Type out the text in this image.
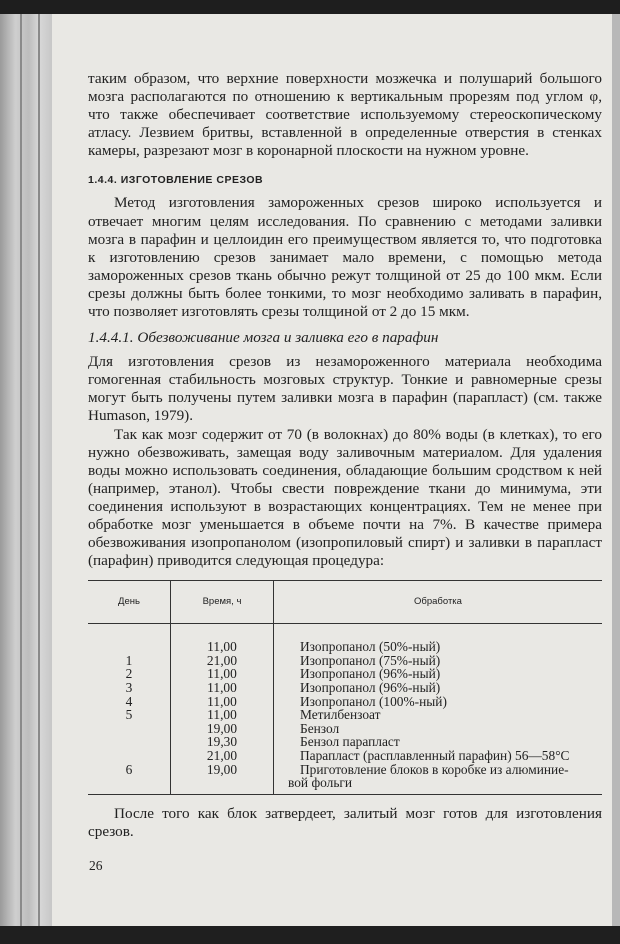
таким образом, что верхние поверхности мозжечка и полушарий большого мозга располагаются по отношению к вертикальным прорезям под углом φ, что также обеспечивает соответствие используемому стереоскопическому атласу. Лезвием бритвы, вставленной в определенные отверстия в стенках камеры, разрезают мозг в коронарной плоскости на нужном уровне.

1.4.4. ИЗГОТОВЛЕНИЕ СРЕЗОВ

Метод изготовления замороженных срезов широко используется и отвечает многим целям исследования. По сравнению с методами заливки мозга в парафин и целлоидин его преимуществом является то, что подготовка к изготовлению срезов занимает мало времени, с помощью метода замороженных срезов ткань обычно режут толщиной от 25 до 100 мкм. Если срезы должны быть более тонкими, то мозг необходимо заливать в парафин, что позволяет изготовлять срезы толщиной от 2 до 15 мкм.

1.4.4.1. Обезвоживание мозга и заливка его в парафин

Для изготовления срезов из незамороженного материала необходима гомогенная стабильность мозговых структур. Тонкие и равномерные срезы могут быть получены путем заливки мозга в парафин (парапласт) (см. также Humason, 1979).

Так как мозг содержит от 70 (в волокнах) до 80% воды (в клетках), то его нужно обезвоживать, замещая воду заливочным материалом. Для удаления воды можно использовать соединения, обладающие большим сродством к ней (например, этанол). Чтобы свести повреждение ткани до минимума, эти соединения используют в возрастающих концентрациях. Тем не менее при обработке мозг уменьшается в объеме почти на 7%. В качестве примера обезвоживания изопропанолом (изопропиловый спирт) и заливки в парапласт (парафин) приводится следующая процедура:

День	Время, ч	Обработка
	11,00	Изопропанол (50%-ный)
1	21,00	Изопропанол (75%-ный)
2	11,00	Изопропанол (96%-ный)
3	11,00	Изопропанол (96%-ный)
4	11,00	Изопропанол (100%-ный)
5	11,00	Метилбензоат
	19,00	Бензол
	19,30	Бензол парапласт
	21,00	Парапласт (расплавленный парафин) 56—58°C
6	19,00	Приготовление блоков в коробке из алюминие-
		вой фольги

После того как блок затвердеет, залитый мозг готов для изготовления срезов.

26
